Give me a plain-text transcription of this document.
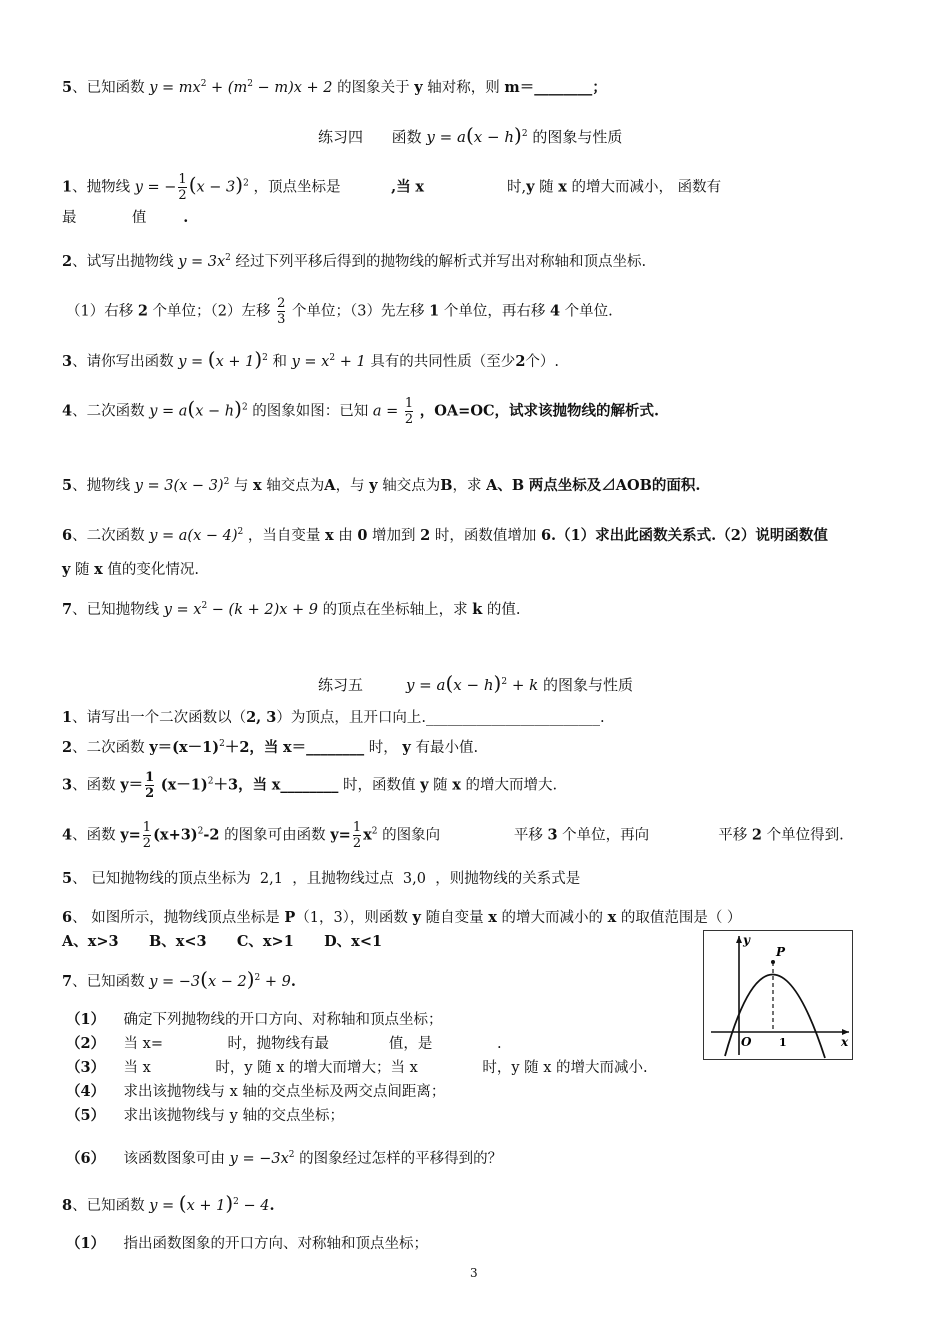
5、已知函数 $y = mx^2 + (m^2 - m)x + 2$ 的图象关于 y 轴对称，则 m＝________；
练习四 函数 $y = a(x - h)^2$ 的图象与性质
1、抛物线 y = − $\frac{1}{2} (x - 3)^2$ ，顶点坐标是	,当 x	时,y 随 x 的增大而减小， 函数有
最	值	.
2、试写出抛物线 $y = 3x^2$ 经过下列平移后得到的抛物线的解析式并写出对称轴和顶点坐标.
（1）右移 2 个单位；（2）左移 $\frac{2}{3}$ 个单位；（3）先左移 1 个单位，再右移 4 个单位.
3、请你写出函数 $y = (x + 1)^2$ 和 $y = x^2 + 1$ 具有的共同性质（至少2个）.
4、二次函数 $y = a(x - h)^2$ 的图象如图：已知 $a = \frac{1}{2}$ ，OA=OC，试求该抛物线的解析式.
5、抛物线 $y = 3(x - 3)^2$ 与 x 轴交点为A，与 y 轴交点为B，求 A、B 两点坐标及⊿AOB的面积.
6、二次函数 $y = a(x - 4)^2$ ，当自变量 x 由 0 增加到 2 时，函数值增加 6.（1）求出此函数关系式.（2）说明函数值
y 随 x 值的变化情况.
7、已知抛物线 $y = x^2 - (k + 2)x + 9$ 的顶点在坐标轴上，求 k 的值.
练习五	$y = a(x - h)^2 + k$ 的图象与性质
1、请写出一个二次函数以（2, 3）为顶点，且开口向上.________________________.
2、二次函数 $y=(x-1)^2+2$，当 x＝________ 时， y 有最小值.
3、函数 $y= \frac{1}{2} (x-1)^2+3$，当 x________ 时，函数值 y 随 x 的增大而增大.
4、函数 $y= \frac{1}{2} (x+3)^2-2$ 的图象可由函数 $y= \frac{1}{2} x^2$ 的图象向	平移 3 个单位，再向	平移 2 个单位得到.
5、 已知抛物线的顶点坐标为 2,1 ，且抛物线过点 3,0 ，则抛物线的关系式是
6、 如图所示，抛物线顶点坐标是 P（1，3），则函数 y 随自变量 x 的增大而减小的 x 的取值范围是（ ）
A、x>3 B、x<3 C、x>1 D、x<1
7、已知函数 $y = -3(x - 2)^2 + 9$.
（1） 确定下列抛物线的开口方向、对称轴和顶点坐标；
（2） 当 x=              时，抛物线有最             值，是              .
（3） 当 x              时，y 随 x 的增大而增大；当 x              时，y 随 x 的增大而减小.
（4） 求出该抛物线与 x 轴的交点坐标及两交点间距离；
（5） 求出该抛物线与 y 轴的交点坐标；
（6） 该函数图象可由 $y = -3x^2$ 的图象经过怎样的平移得到的？
8、已知函数 $y = (x + 1)^2 - 4$.
（1） 指出函数图象的开口方向、对称轴和顶点坐标；
y
P
O	1	x
3
